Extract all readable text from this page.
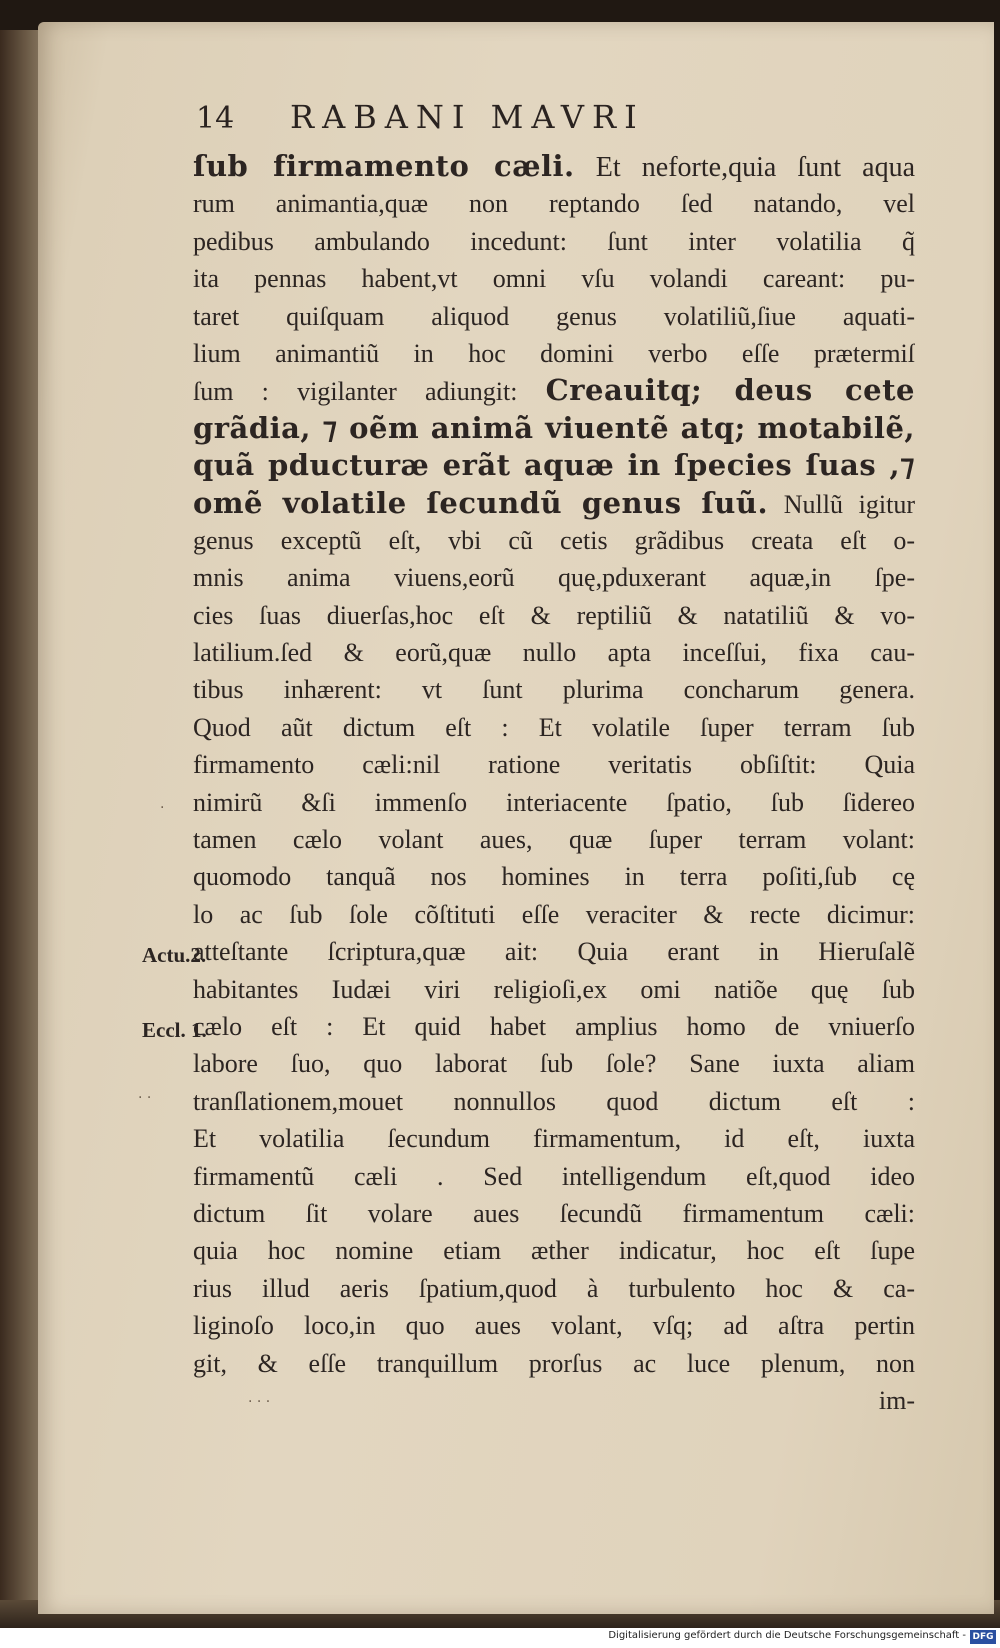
14 RABANI MAVRI
ſub firmamento cæli. Et neforte,quia ſunt aqua
rum animantia,quæ non reptando ſed natando, vel
pedibus ambulando incedunt: ſunt inter volatilia q̃
ita pennas habent,vt omni vſu volandi careant: pu-
taret quiſquam aliquod genus volatiliũ,ſiue aquati-
lium animantiũ in hoc domini verbo eſſe prætermiſ
ſum : vigilanter adiungit: Creauitq; deus cete
grãdia, ⁊ oẽm animã viuentẽ atq; motabilẽ,
quã pducturæ erãt aquæ in ſpecies ſuas ,⁊
omẽ volatile ſecundũ genus ſuũ. Nullũ igitur
genus exceptũ eſt, vbi cũ cetis grãdibus creata eſt o-
mnis anima viuens,eorũ quę,pduxerant aquæ,in ſpe-
cies ſuas diuerſas,hoc eſt & reptiliũ & natatiliũ & vo-
latilium.ſed & eorũ,quæ nullo apta inceſſui, fixa cau-
tibus inhærent: vt ſunt plurima concharum genera.
Quod aũt dictum eſt : Et volatile ſuper terram ſub
firmamento cæli:nil ratione veritatis obſiſtit: Quia
nimirũ &ſi immenſo interiacente ſpatio, ſub ſidereo
tamen cælo volant aues, quæ ſuper terram volant:
quomodo tanquã nos homines in terra poſiti,ſub cę
lo ac ſub ſole cõſtituti eſſe veraciter & recte dicimur:
atteſtante ſcriptura,quæ ait: Quia erant in Hieruſalẽ
habitantes Iudæi viri religioſi,ex omi natiõe quę ſub
cælo eſt : Et quid habet amplius homo de vniuerſo
labore ſuo, quo laborat ſub ſole? Sane iuxta aliam
tranſlationem,mouet nonnullos quod dictum eſt :
Et volatilia ſecundum firmamentum, id eſt, iuxta
firmamentũ cæli . Sed intelligendum eſt,quod ideo
dictum ſit volare aues ſecundũ firmamentum cæli:
quia hoc nomine etiam æther indicatur, hoc eſt ſupe
rius illud aeris ſpatium,quod à turbulento hoc & ca-
liginoſo loco,in quo aues volant, vſq; ad aſtra pertin
git, & eſſe tranquillum prorſus ac luce plenum, non
im-
Actu.2.
Eccl. 1.
·
· ·
· · ·
Digitalisierung gefördert durch die Deutsche Forschungsgemeinschaft - DFG
